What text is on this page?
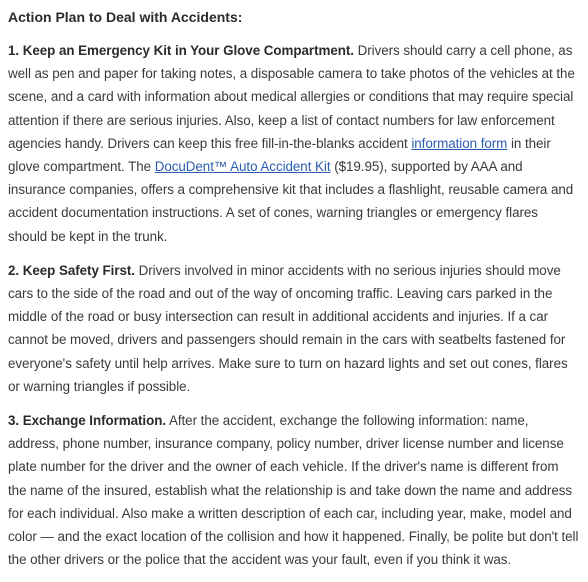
Action Plan to Deal with Accidents:

1. Keep an Emergency Kit in Your Glove Compartment. Drivers should carry a cell phone, as well as pen and paper for taking notes, a disposable camera to take photos of the vehicles at the scene, and a card with information about medical allergies or conditions that may require special attention if there are serious injuries. Also, keep a list of contact numbers for law enforcement agencies handy. Drivers can keep this free fill-in-the-blanks accident information form in their glove compartment. The DocuDent™ Auto Accident Kit ($19.95), supported by AAA and insurance companies, offers a comprehensive kit that includes a flashlight, reusable camera and accident documentation instructions. A set of cones, warning triangles or emergency flares should be kept in the trunk.

2. Keep Safety First. Drivers involved in minor accidents with no serious injuries should move cars to the side of the road and out of the way of oncoming traffic. Leaving cars parked in the middle of the road or busy intersection can result in additional accidents and injuries. If a car cannot be moved, drivers and passengers should remain in the cars with seatbelts fastened for everyone's safety until help arrives. Make sure to turn on hazard lights and set out cones, flares or warning triangles if possible.

3. Exchange Information. After the accident, exchange the following information: name, address, phone number, insurance company, policy number, driver license number and license plate number for the driver and the owner of each vehicle. If the driver's name is different from the name of the insured, establish what the relationship is and take down the name and address for each individual. Also make a written description of each car, including year, make, model and color — and the exact location of the collision and how it happened. Finally, be polite but don't tell the other drivers or the police that the accident was your fault, even if you think it was.
